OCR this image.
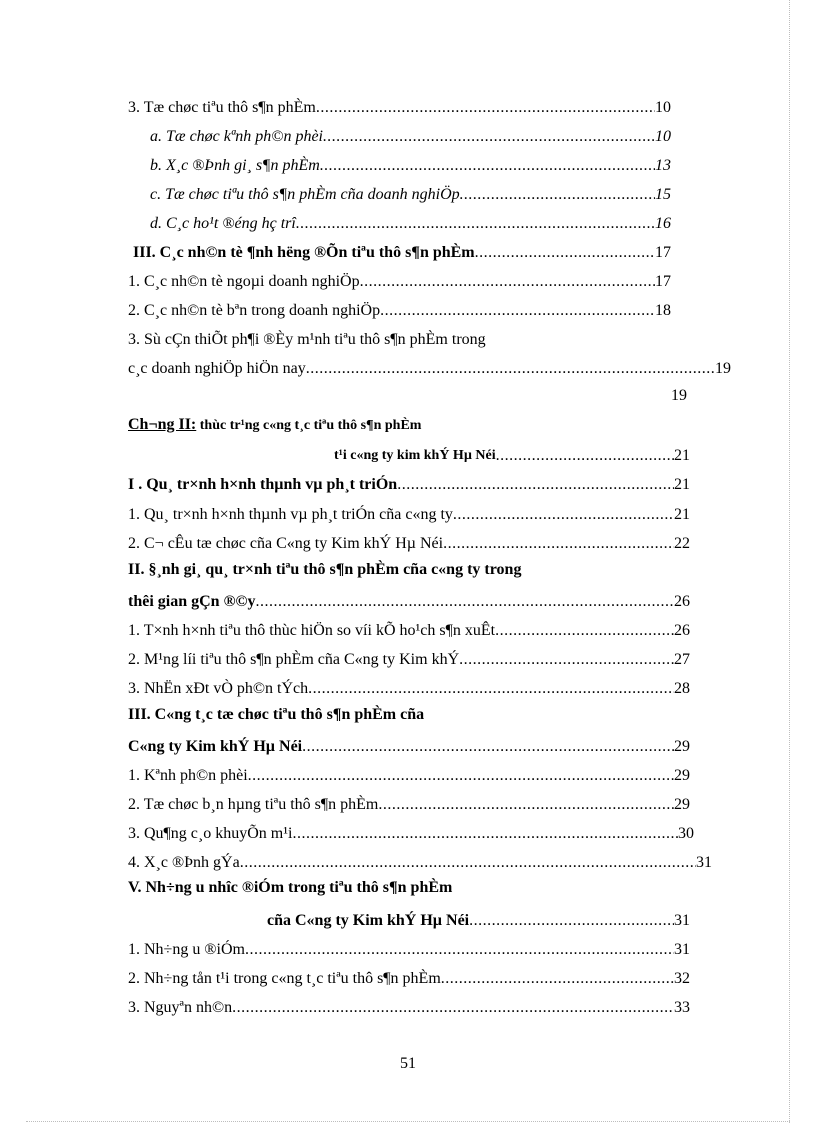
3. Tæ chøc tiªu thô s¶n phÈm .....	10
a. Tæ chøc kªnh ph©n phèi .....	10
b. X¸c ®Þnh gi¸ s¶n phÈm .....	13
c. Tæ chøc tiªu thô s¶n phÈm cña doanh nghiÖp .....	15
d. C¸c ho¹t ®éng hç trî .....	16
III. C¸c nh©n tè ¶nh hëng ®Õn tiªu thô s¶n phÈm .....	17
1. C¸c nh©n tè ngoµi doanh nghiÖp .....	17
2. C¸c nh©n tè bªn trong doanh nghiÖp .....	18
3. Sù cÇn thiÕt ph¶i ®Èy m¹nh tiªu thô s¶n phÈm trong
c¸c doanh nghiÖp hiÖn nay .....	19
19
Ch¬ng II: thùc tr¹ng c«ng t¸c tiªu thô s¶n phÈm
t¹i c«ng ty kim khÝ Hµ Néi .....	21
I . Qu¸ tr×nh h×nh thµnh vµ ph¸t triÓn .....	21
1. Qu¸ tr×nh h×nh thµnh vµ ph¸t triÓn cña c«ng ty .....	21
2. C¬ cÊu tæ chøc cña C«ng ty Kim khÝ Hµ Néi .....	22
II. §¸nh gi¸ qu¸ tr×nh tiªu thô s¶n phÈm cña c«ng ty trong
thêi gian gÇn ®©y .....	26
1. T×nh h×nh tiªu thô thùc hiÖn so víi kÕ ho¹ch s¶n xuÊt .....	26
2. M¹ng líi tiªu thô s¶n phÈm cña C«ng ty Kim khÝ .....	27
3. NhËn xÐt vÒ ph©n tÝch .....	28
III. C«ng t¸c tæ chøc tiªu thô s¶n phÈm cña
C«ng ty Kim khÝ Hµ Néi .....	29
1. Kªnh ph©n phèi .....	29
2. Tæ chøc b¸n hµng tiªu thô s¶n phÈm .....	29
3. Qu¶ng c¸o khuyÕn m¹i .....	30
4. X¸c ®Þnh gÝa .....	31
V. Nh÷ng u nhîc ®iÓm trong tiªu thô s¶n phÈm
cña C«ng ty Kim khÝ Hµ Néi .....	31
1. Nh÷ng u ®iÓm .....	31
2. Nh÷ng tån t¹i trong c«ng t¸c tiªu thô s¶n phÈm .....	32
3. Nguyªn nh©n .....	33
51
